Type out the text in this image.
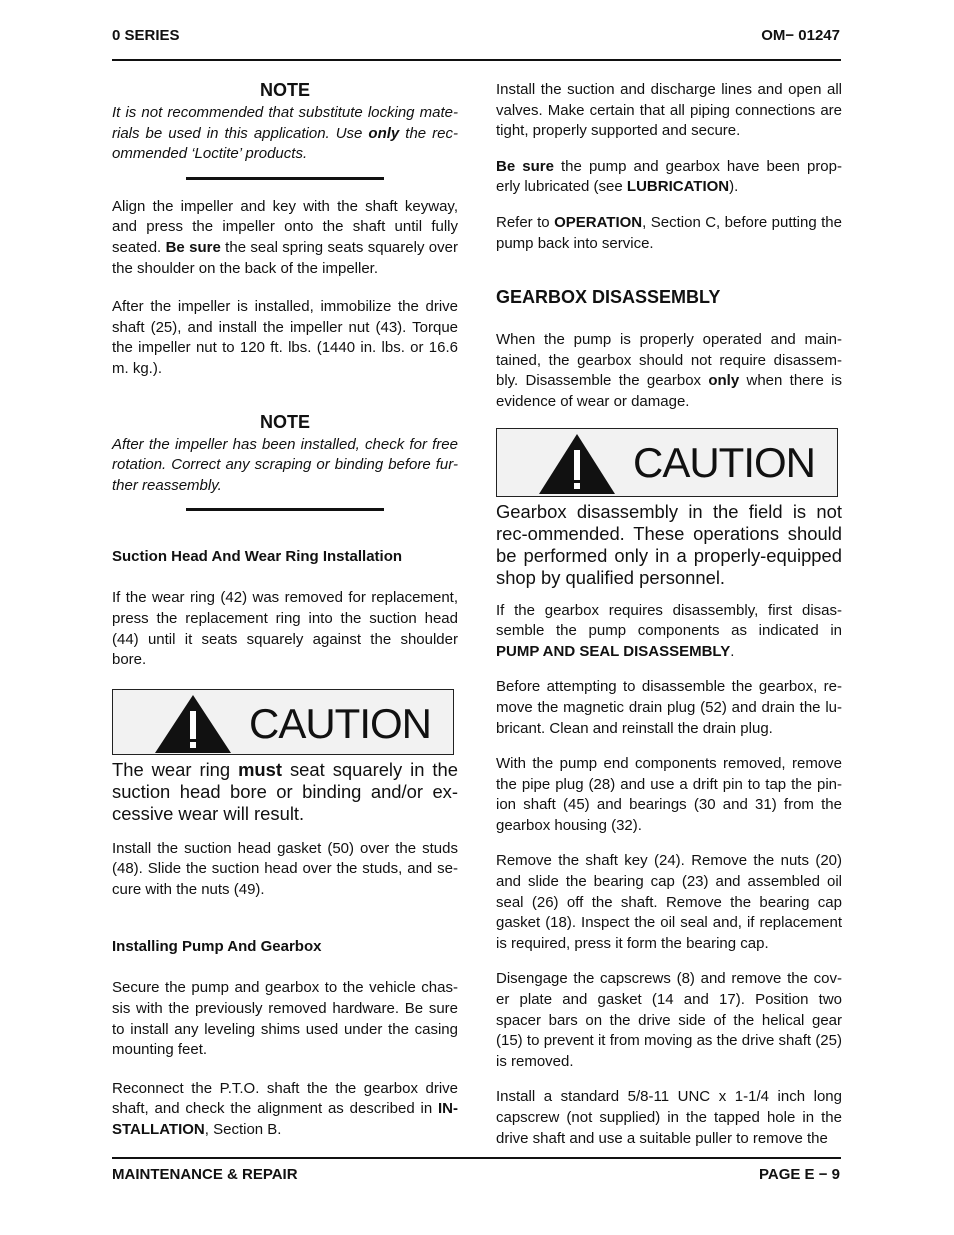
0 SERIES	OM− 01247
NOTE
It is not recommended that substitute locking mate-rials be used in this application. Use only the rec-ommended ‘Loctite’ products.

Align the impeller and key with the shaft keyway, and press the impeller onto the shaft until fully seated. Be sure the seal spring seats squarely over the shoulder on the back of the impeller.

After the impeller is installed, immobilize the drive shaft (25), and install the impeller nut (43). Torque the impeller nut to 120 ft. lbs. (1440 in. lbs. or 16.6 m. kg.).

NOTE
After the impeller has been installed, check for free rotation. Correct any scraping or binding before fur-ther reassembly.
Suction Head And Wear Ring Installation

If the wear ring (42) was removed for replacement, press the replacement ring into the suction head (44) until it seats squarely against the shoulder bore.

CAUTION

The wear ring must seat squarely in the suction head bore or binding and/or ex-cessive wear will result.

Install the suction head gasket (50) over the studs (48). Slide the suction head over the studs, and se-cure with the nuts (49).

Installing Pump And Gearbox

Secure the pump and gearbox to the vehicle chas-sis with the previously removed hardware. Be sure to install any leveling shims used under the casing mounting feet.

Reconnect the P.T.O. shaft the the gearbox drive shaft, and check the alignment as described in IN-STALLATION, Section B.

Install the suction and discharge lines and open all valves. Make certain that all piping connections are tight, properly supported and secure.

Be sure the pump and gearbox have been prop-erly lubricated (see LUBRICATION).

Refer to OPERATION, Section C, before putting the pump back into service.

GEARBOX DISASSEMBLY

When the pump is properly operated and main-tained, the gearbox should not require disassem-bly. Disassemble the gearbox only when there is evidence of wear or damage.

CAUTION

Gearbox disassembly in the field is not rec-ommended. These operations should be performed only in a properly-equipped shop by qualified personnel.

If the gearbox requires disassembly, first disas-semble the pump components as indicated in PUMP AND SEAL DISASSEMBLY.

Before attempting to disassemble the gearbox, re-move the magnetic drain plug (52) and drain the lu-bricant. Clean and reinstall the drain plug.

With the pump end components removed, remove the pipe plug (28) and use a drift pin to tap the pin-ion shaft (45) and bearings (30 and 31) from the gearbox housing (32).

Remove the shaft key (24). Remove the nuts (20) and slide the bearing cap (23) and assembled oil seal (26) off the shaft. Remove the bearing cap gasket (18). Inspect the oil seal and, if replacement is required, press it form the bearing cap.

Disengage the capscrews (8) and remove the cov-er plate and gasket (14 and 17). Position two spacer bars on the drive side of the helical gear (15) to prevent it from moving as the drive shaft (25) is removed.

Install a standard 5/8-11 UNC x 1-1/4 inch long capscrew (not supplied) in the tapped hole in the drive shaft and use a suitable puller to remove the

MAINTENANCE & REPAIR	PAGE E − 9
